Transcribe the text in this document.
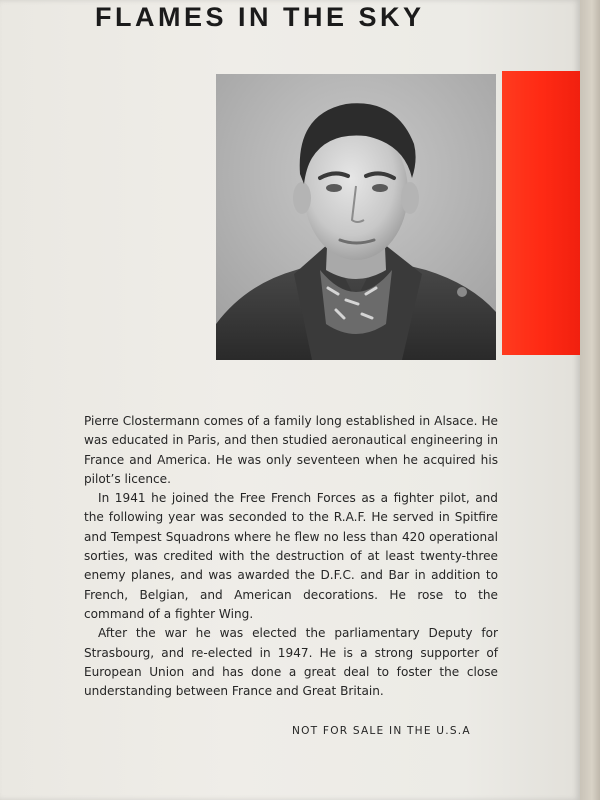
FLAMES IN THE SKY

Pierre Clostermann comes of a family long established in Alsace. He was educated in Paris, and then studied aeronautical engineering in France and America. He was only seventeen when he acquired his pilot’s licence.

In 1941 he joined the Free French Forces as a fighter pilot, and the following year was seconded to the R.A.F. He served in Spitfire and Tempest Squadrons where he flew no less than 420 operational sorties, was credited with the destruction of at least twenty-three enemy planes, and was awarded the D.F.C. and Bar in addition to French, Belgian, and American decorations. He rose to the command of a fighter Wing.

After the war he was elected the parliamentary Deputy for Strasbourg, and re-elected in 1947. He is a strong supporter of European Union and has done a great deal to foster the close understanding between France and Great Britain.

NOT FOR SALE IN THE U.S.A
